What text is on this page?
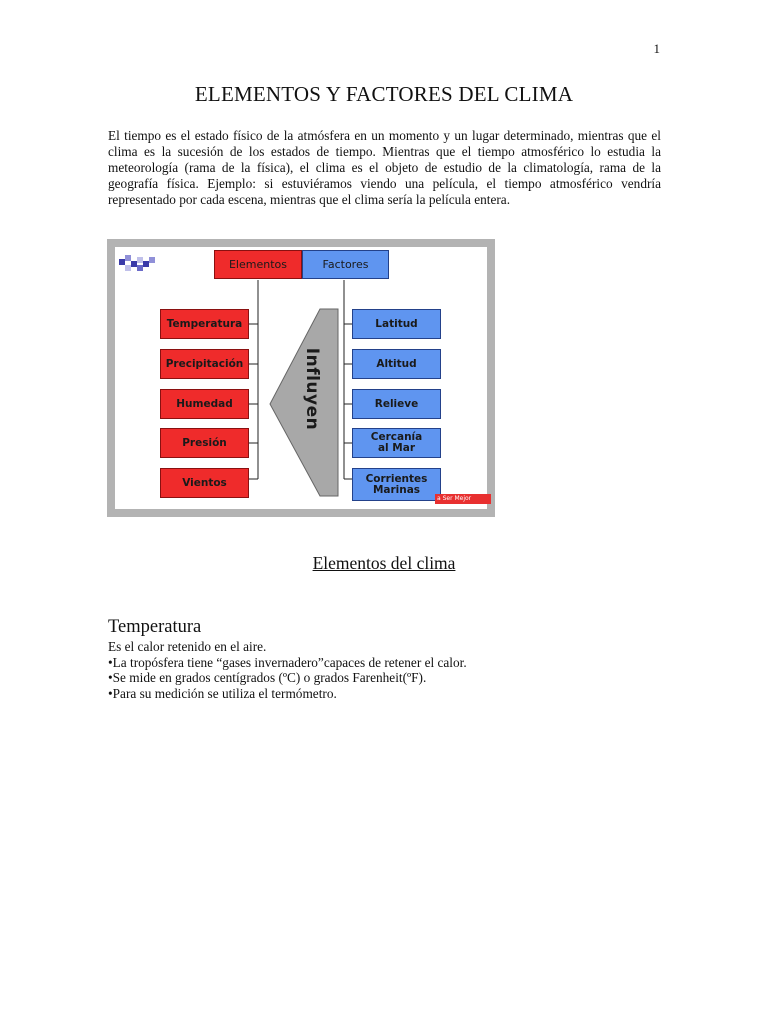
1
ELEMENTOS Y FACTORES DEL CLIMA

El tiempo es el estado físico de la atmósfera en un momento y un lugar determinado, mientras que el clima es la sucesión de los estados de tiempo. Mientras que el tiempo atmosférico lo estudia la meteorología (rama de la física), el clima es el objeto de estudio de la climatología, rama de la geografía física. Ejemplo: si estuviéramos viendo una película, el tiempo atmosférico vendría representado por cada escena, mientras que el clima sería la película entera.

Influyen
Elementos	Factores
Temperatura
Precipitación
Humedad
Presión
Vientos
Latitud
Altitud
Relieve
Cercanía al Mar
Corrientes Marinas
a Ser Mejor
Elementos del clima
Temperatura
Es el calor retenido en el aire.
•La tropósfera tiene “gases invernadero”capaces de retener el calor.
•Se mide en grados centígrados (ºC) o grados Farenheit(ºF).
•Para su medición se utiliza el termómetro.
